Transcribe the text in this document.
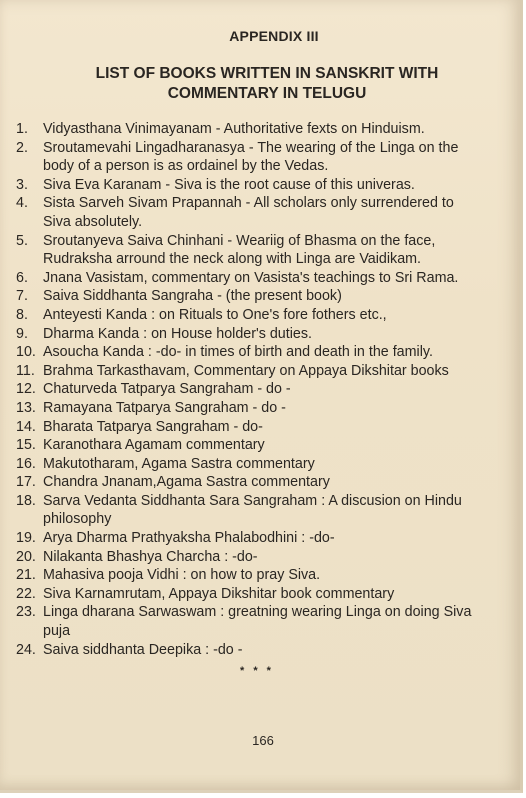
APPENDIX III
LIST OF BOOKS WRITTEN IN SANSKRIT WITH
COMMENTARY IN TELUGU
1.	Vidyasthana Vinimayanam - Authoritative fexts on Hinduism.
2.	Sroutamevahi Lingadharanasya - The wearing of the Linga on the body of a person is as ordainel by the Vedas.
3.	Siva Eva Karanam - Siva is the root cause of this univeras.
4.	Sista Sarveh Sivam Prapannah - All scholars only surrendered to Siva absolutely.
5.	Sroutanyeva Saiva Chinhani - Weariig of Bhasma on the face, Rudraksha arround the neck along with Linga are Vaidikam.
6.	Jnana Vasistam, commentary on Vasista's teachings to Sri Rama.
7.	Saiva Siddhanta Sangraha - (the present book)
8.	Anteyesti Kanda : on Rituals to One's fore fothers etc.,
9.	Dharma Kanda : on House holder's duties.
10. Asoucha Kanda : -do- in times of birth and death in the family.
11. Brahma Tarkasthavam, Commentary on Appaya Dikshitar books
12. Chaturveda Tatparya Sangraham - do -
13. Ramayana Tatparya Sangraham - do -
14. Bharata Tatparya Sangraham - do-
15. Karanothara Agamam commentary
16. Makutotharam, Agama Sastra commentary
17. Chandra Jnanam,Agama Sastra commentary
18. Sarva Vedanta Siddhanta Sara Sangraham : A discusion on Hindu philosophy
19. Arya Dharma Prathyaksha Phalabodhini : -do-
20. Nilakanta Bhashya Charcha : -do-
21. Mahasiva pooja Vidhi : on how to pray Siva.
22. Siva Karnamrutam, Appaya Dikshitar book commentary
23. Linga dharana Sarwaswam : greatning wearing Linga on doing Siva puja
24. Saiva siddhanta Deepika : -do -
* * *
166
